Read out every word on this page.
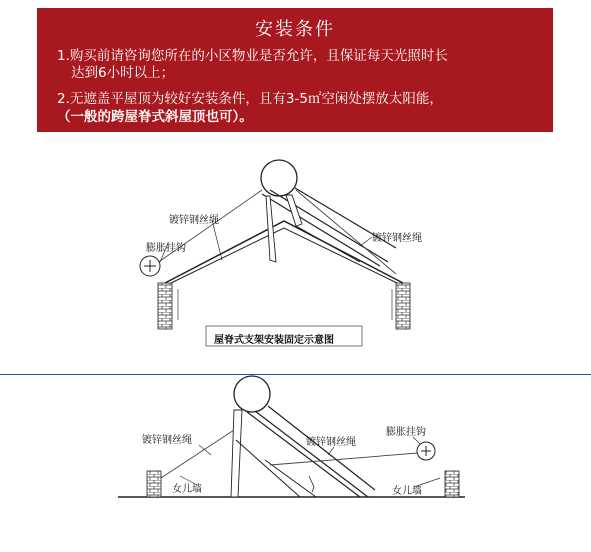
安装条件
1.购买前请咨询您所在的小区物业是否允许，且保证每天光照时长
达到6小时以上；
2.无遮盖平屋顶为较好安装条件，且有3-5㎡空闲处摆放太阳能，
（一般的跨屋脊式斜屋顶也可）。
镀锌钢丝绳
镀锌钢丝绳
膨胀挂钩
屋脊式支架安装固定示意图
镀锌钢丝绳	镀锌钢丝绳
膨胀挂钩
女儿墙	女儿墙
